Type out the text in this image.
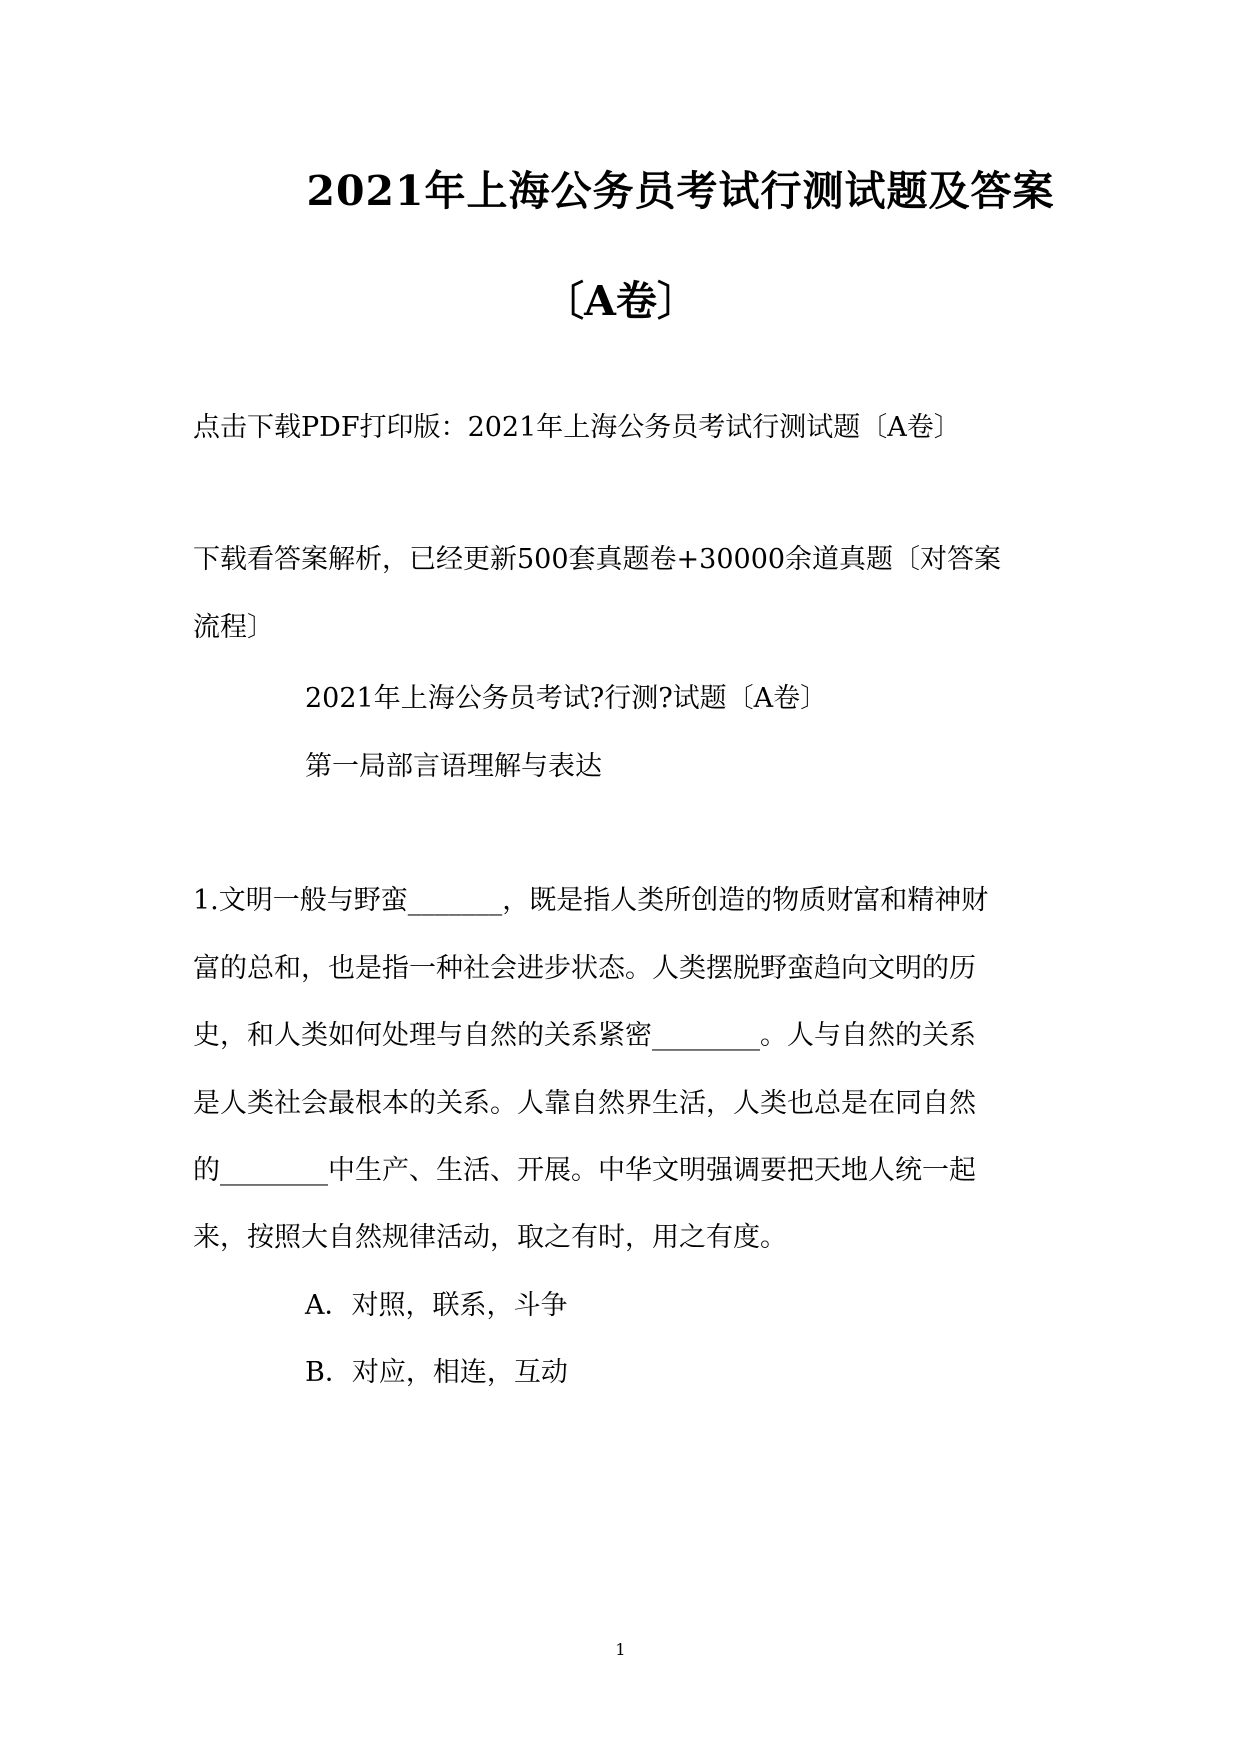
2021年上海公务员考试行测试题及答案
〔A卷〕
点击下载PDF打印版：2021年上海公务员考试行测试题〔A卷〕
下载看答案解析，已经更新500套真题卷+30000余道真题〔对答案
流程〕
2021年上海公务员考试?行测?试题〔A卷〕
第一局部言语理解与表达
1.文明一般与野蛮_______，既是指人类所创造的物质财富和精神财
富的总和，也是指一种社会进步状态。人类摆脱野蛮趋向文明的历
史，和人类如何处理与自然的关系紧密________。人与自然的关系
是人类社会最根本的关系。人靠自然界生活，人类也总是在同自然
的________中生产、生活、开展。中华文明强调要把天地人统一起
来，按照大自然规律活动，取之有时，用之有度。
A．对照，联系，斗争
B．对应，相连，互动
1
